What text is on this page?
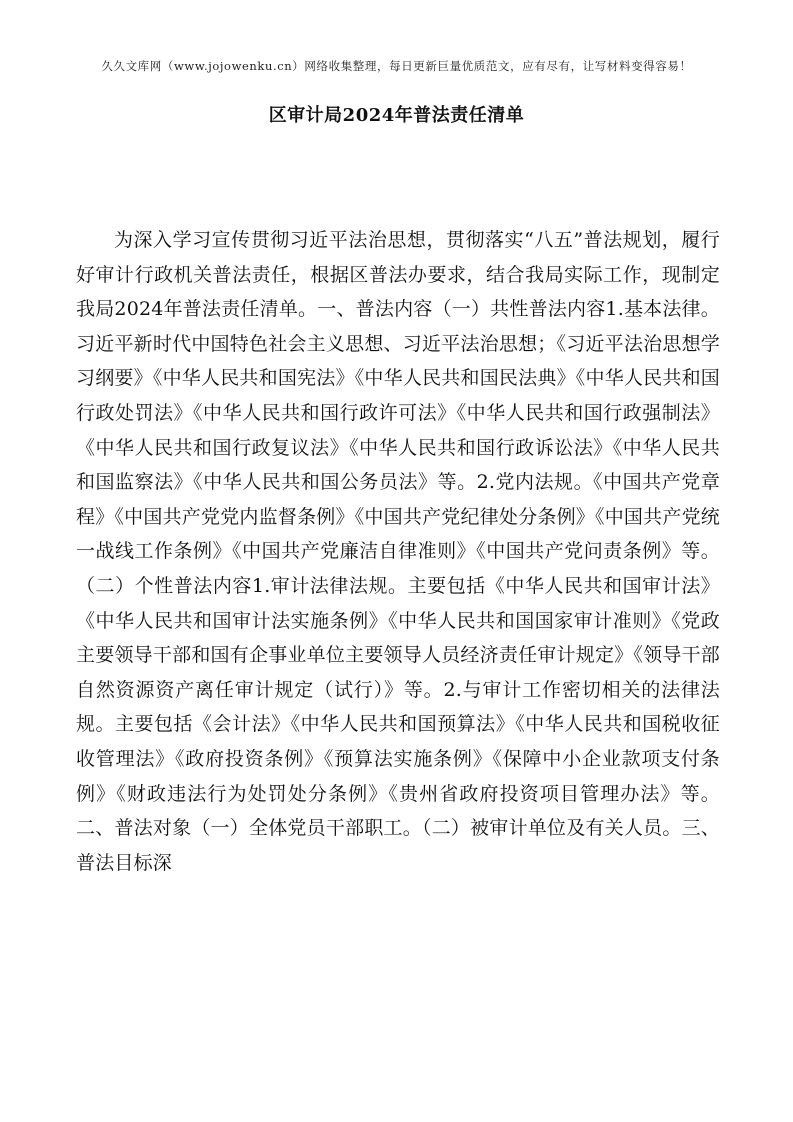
久久文库网（www.jojowenku.cn）网络收集整理，每日更新巨量优质范文，应有尽有，让写材料变得容易！
区审计局2024年普法责任清单

为深入学习宣传贯彻习近平法治思想，贯彻落实“八五”普法规划，履行好审计行政机关普法责任，根据区普法办要求，结合我局实际工作，现制定我局2024年普法责任清单。一、普法内容（一）共性普法内容1.基本法律。习近平新时代中国特色社会主义思想、习近平法治思想；《习近平法治思想学习纲要》《中华人民共和国宪法》《中华人民共和国民法典》《中华人民共和国行政处罚法》《中华人民共和国行政许可法》《中华人民共和国行政强制法》《中华人民共和国行政复议法》《中华人民共和国行政诉讼法》《中华人民共和国监察法》《中华人民共和国公务员法》等。2.党内法规。《中国共产党章程》《中国共产党党内监督条例》《中国共产党纪律处分条例》《中国共产党统一战线工作条例》《中国共产党廉洁自律准则》《中国共产党问责条例》等。（二）个性普法内容1.审计法律法规。主要包括《中华人民共和国审计法》《中华人民共和国审计法实施条例》《中华人民共和国国家审计准则》《党政主要领导干部和国有企事业单位主要领导人员经济责任审计规定》《领导干部自然资源资产离任审计规定（试行）》等。2.与审计工作密切相关的法律法规。主要包括《会计法》《中华人民共和国预算法》《中华人民共和国税收征收管理法》《政府投资条例》《预算法实施条例》《保障中小企业款项支付条例》《财政违法行为处罚处分条例》《贵州省政府投资项目管理办法》等。二、普法对象（一）全体党员干部职工。（二）被审计单位及有关人员。三、普法目标深
